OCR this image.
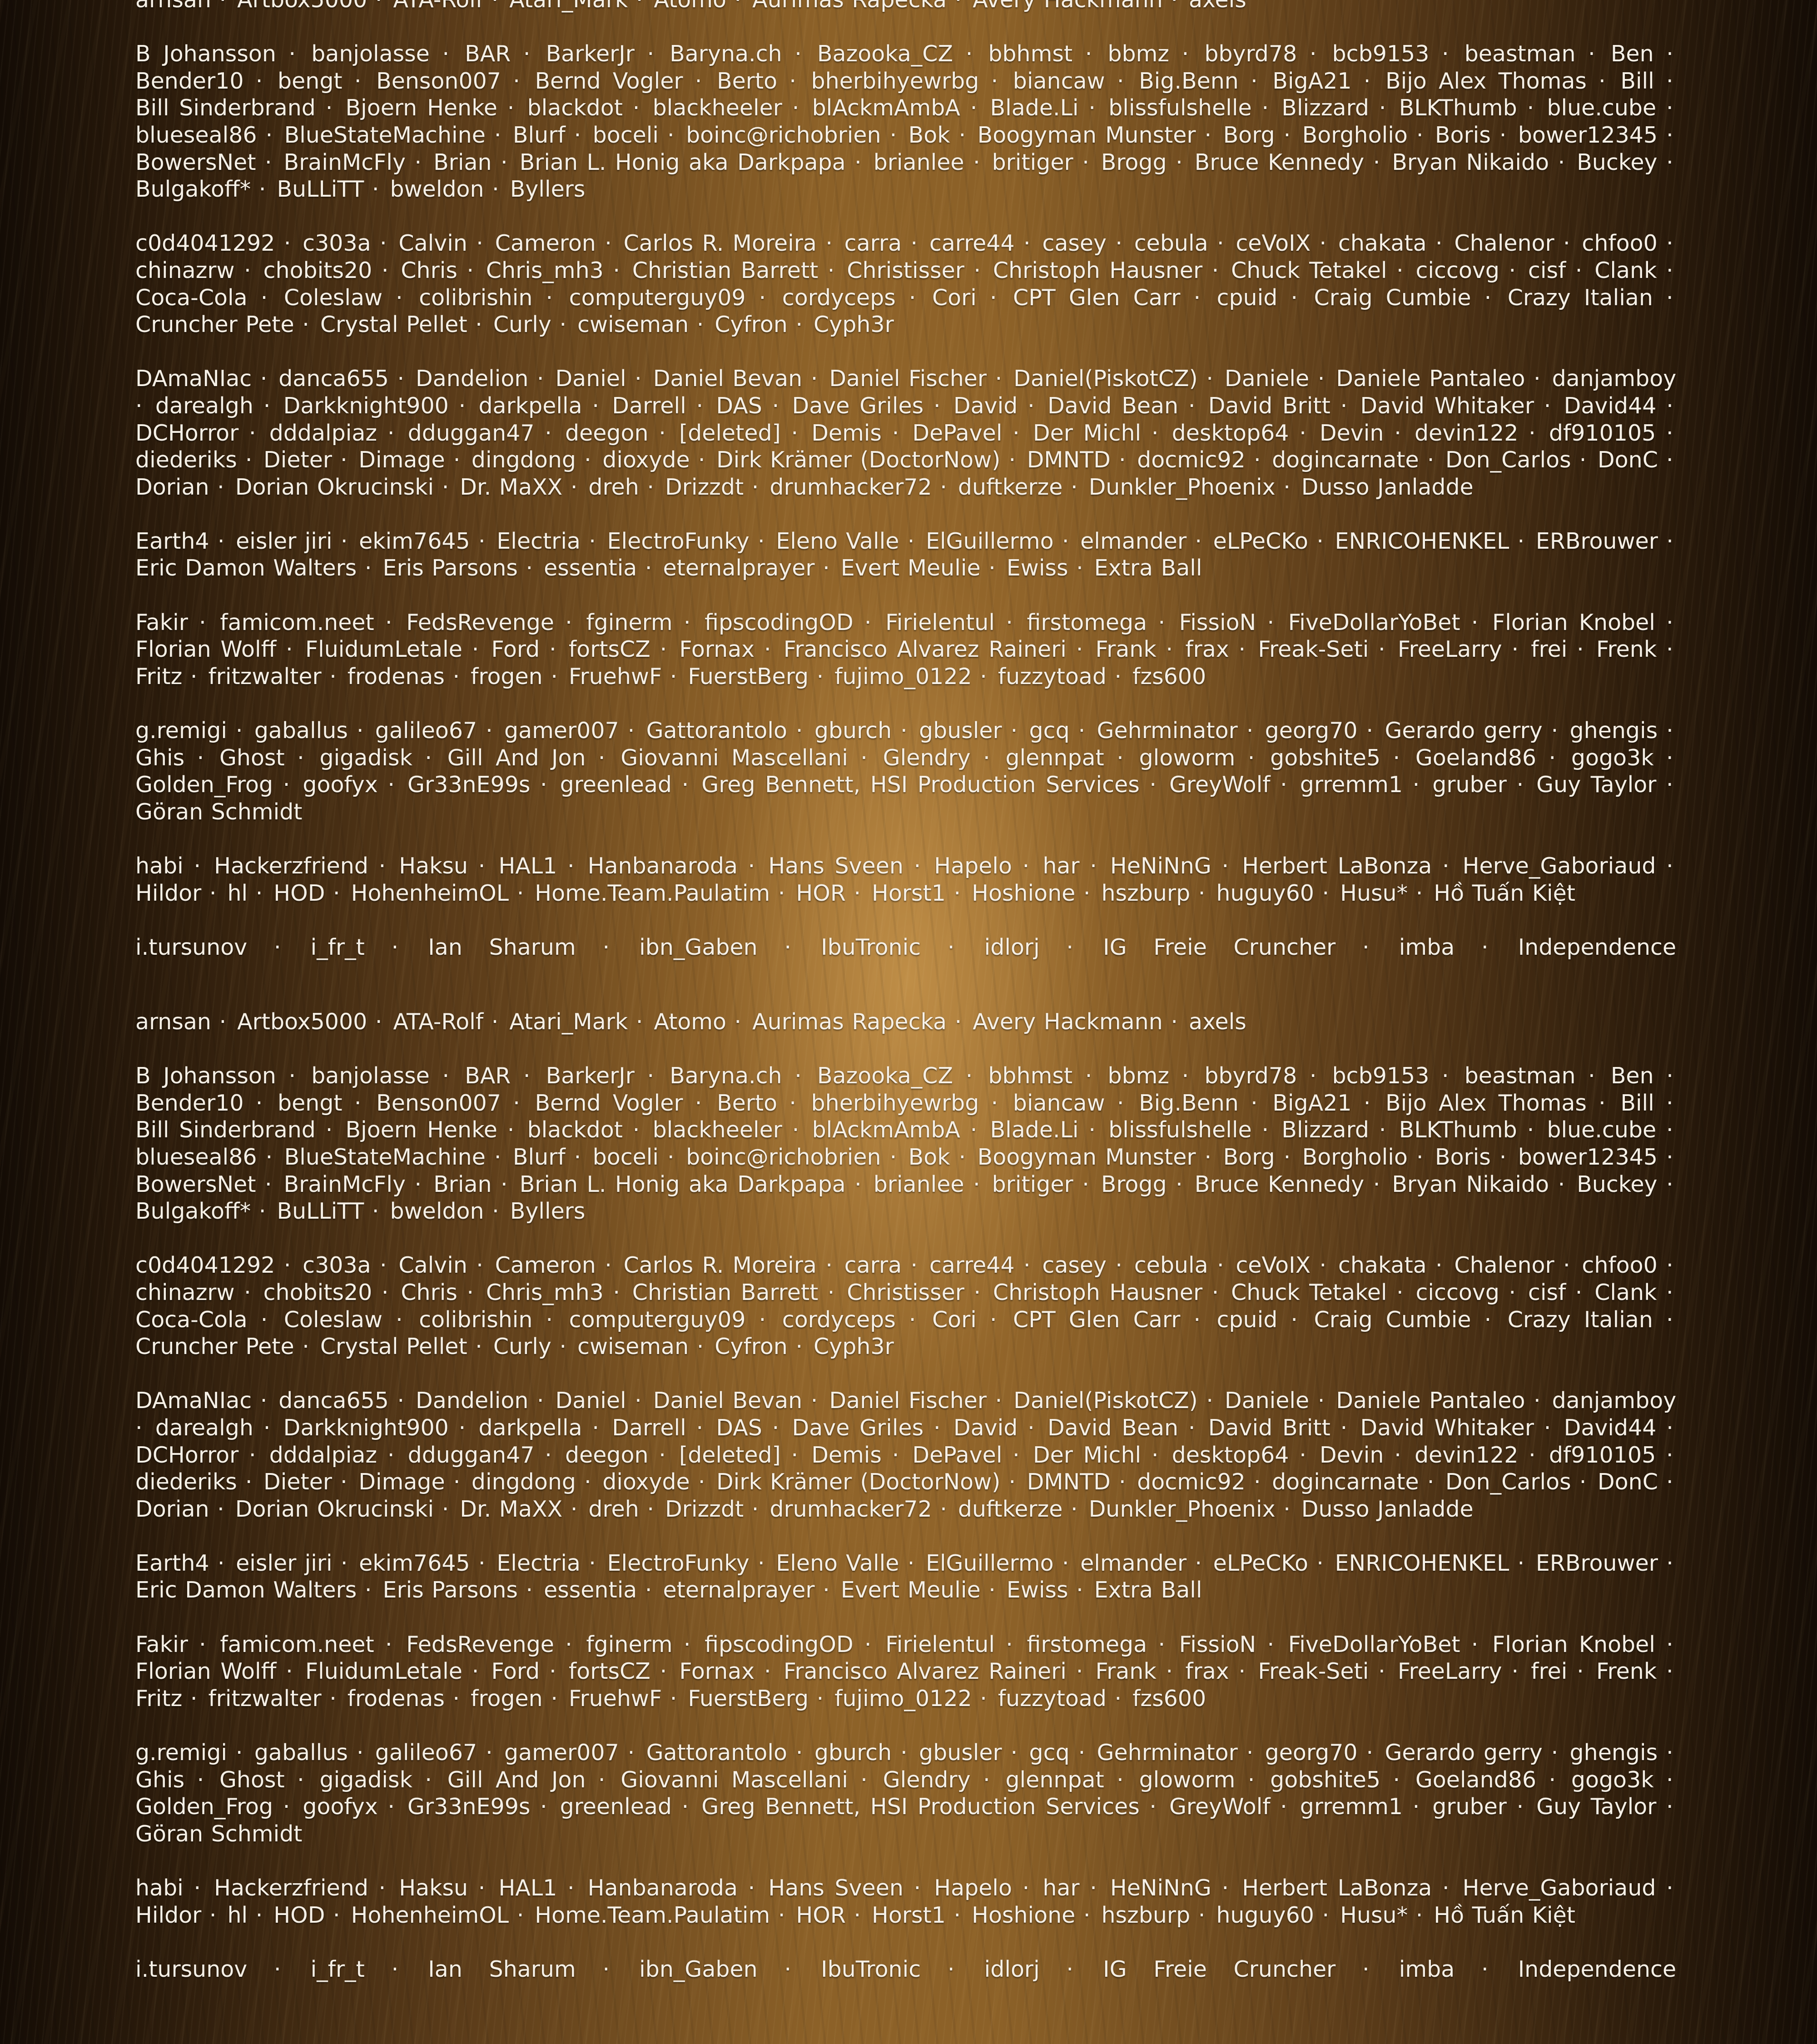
B Johansson · banjolasse · BAR · BarkerJr · Baryna.ch · Bazooka_CZ · bbhmst · bbmz · bbyrd78 · bcb9153 · beastman · Ben · Bender10 · bengt · Benson007 · Bernd Vogler · Berto · bherbihyewrbg · biancaw · Big.Benn · BigA21 · Bijo Alex Thomas · Bill · Bill Sinderbrand · Bjoern Henke · blackdot · blackheeler · blAckmAmbA · Blade.Li · blissfulshelle · Blizzard · BLKThumb · blue.cube · blueseal86 · BlueStateMachine · Blurf · boceli · boinc@richobrien · Bok · Boogyman Munster · Borg · Borgholio · Boris · bower12345 · BowersNet · BrainMcFly · Brian · Brian L. Honig aka Darkpapa · brianlee · britiger · Brogg · Bruce Kennedy · Bryan Nikaido · Buckey · Bulgakoff* · BuLLiTT · bweldon · Byllers
c0d4041292 · c303a · Calvin · Cameron · Carlos R. Moreira · carra · carre44 · casey · cebula · ceVoIX · chakata · Chalenor · chfoo0 · chinazrw · chobits20 · Chris · Chris_mh3 · Christian Barrett · Christisser · Christoph Hausner · Chuck Tetakel · ciccovg · cisf · Clank · Coca-Cola · Coleslaw · colibrishin · computerguy09 · cordyceps · Cori · CPT Glen Carr · cpuid · Craig Cumbie · Crazy Italian · Cruncher Pete · Crystal Pellet · Curly · cwiseman · Cyfron · Cyph3r
DAmaNIac · danca655 · Dandelion · Daniel · Daniel Bevan · Daniel Fischer · Daniel(PiskotCZ) · Daniele · Daniele Pantaleo · danjamboy · darealgh · Darkknight900 · darkpella · Darrell · DAS · Dave Griles · David · David Bean · David Britt · David Whitaker · David44 · DCHorror · dddalpiaz · dduggan47 · deegon · [deleted] · Demis · DePavel · Der Michl · desktop64 · Devin · devin122 · df910105 · diederiks · Dieter · Dimage · dingdong · dioxyde · Dirk Krämer (DoctorNow) · DMNTD · docmic92 · dogincarnate · Don_Carlos · DonC · Dorian · Dorian Okrucinski · Dr. MaXX · dreh · Drizzdt · drumhacker72 · duftkerze · Dunkler_Phoenix · Dusso Janladde
Earth4 · eisler jiri · ekim7645 · Electria · ElectroFunky · Eleno Valle · ElGuillermo · elmander · eLPeCKo · ENRICOHENKEL · ERBrouwer · Eric Damon Walters · Eris Parsons · essentia · eternalprayer · Evert Meulie · Ewiss · Extra Ball
Fakir · famicom.neet · FedsRevenge · fginerm · fipscodingOD · Firielentul · firstomega · FissioN · FiveDollarYoBet · Florian Knobel · Florian Wolff · FluidumLetale · Ford · fortsCZ · Fornax · Francisco Alvarez Raineri · Frank · frax · Freak-Seti · FreeLarry · frei · Frenk · Fritz · fritzwalter · frodenas · frogen · FruehwF · FuerstBerg · fujimo_0122 · fuzzytoad · fzs600
g.remigi · gaballus · galileo67 · gamer007 · Gattorantolo · gburch · gbusler · gcq · Gehrminator · georg70 · Gerardo gerry · ghengis · Ghis · Ghost · gigadisk · Gill And Jon · Giovanni Mascellani · Glendry · glennpat · gloworm · gobshite5 · Goeland86 · gogo3k · Golden_Frog · goofyx · Gr33nE99s · greenlead · Greg Bennett, HSI Production Services · GreyWolf · grremm1 · gruber · Guy Taylor · Göran Schmidt
habi · Hackerzfriend · Haksu · HAL1 · Hanbanaroda · Hans Sveen · Hapelo · har · HeNiNnG · Herbert LaBonza · Herve_Gaboriaud · Hildor · hl · HOD · HohenheimOL · Home.Team.Paulatim · HOR · Horst1 · Hoshione · hszburp · huguy60 · Husu* · Hồ Tuấn Kiệt
i.tursunov · i_fr_t · Ian Sharum · ibn_Gaben · IbuTronic · idlorj · IG Freie Cruncher · imba · Independence
arnsan · Artbox5000 · ATA-Rolf · Atari_Mark · Atomo · Aurimas Rapecka · Avery Hackmann · axels
B Johansson · banjolasse · BAR · BarkerJr · Baryna.ch · Bazooka_CZ · bbhmst · bbmz · bbyrd78 · bcb9153 · beastman · Ben · Bender10 · bengt · Benson007 · Bernd Vogler · Berto · bherbihyewrbg · biancaw · Big.Benn · BigA21 · Bijo Alex Thomas · Bill · Bill Sinderbrand · Bjoern Henke · blackdot · blackheeler · blAckmAmbA · Blade.Li · blissfulshelle · Blizzard · BLKThumb · blue.cube · blueseal86 · BlueStateMachine · Blurf · boceli · boinc@richobrien · Bok · Boogyman Munster · Borg · Borgholio · Boris · bower12345 · BowersNet · BrainMcFly · Brian · Brian L. Honig aka Darkpapa · brianlee · britiger · Brogg · Bruce Kennedy · Bryan Nikaido · Buckey · Bulgakoff* · BuLLiTT · bweldon · Byllers
c0d4041292 · c303a · Calvin · Cameron · Carlos R. Moreira · carra · carre44 · casey · cebula · ceVoIX · chakata · Chalenor · chfoo0 · chinazrw · chobits20 · Chris · Chris_mh3 · Christian Barrett · Christisser · Christoph Hausner · Chuck Tetakel · ciccovg · cisf · Clank · Coca-Cola · Coleslaw · colibrishin · computerguy09 · cordyceps · Cori · CPT Glen Carr · cpuid · Craig Cumbie · Crazy Italian · Cruncher Pete · Crystal Pellet · Curly · cwiseman · Cyfron · Cyph3r
DAmaNIac · danca655 · Dandelion · Daniel · Daniel Bevan · Daniel Fischer · Daniel(PiskotCZ) · Daniele · Daniele Pantaleo · danjamboy · darealgh · Darkknight900 · darkpella · Darrell · DAS · Dave Griles · David · David Bean · David Britt · David Whitaker · David44 · DCHorror · dddalpiaz · dduggan47 · deegon · [deleted] · Demis · DePavel · Der Michl · desktop64 · Devin · devin122 · df910105 · diederiks · Dieter · Dimage · dingdong · dioxyde · Dirk Krämer (DoctorNow) · DMNTD · docmic92 · dogincarnate · Don_Carlos · DonC · Dorian · Dorian Okrucinski · Dr. MaXX · dreh · Drizzdt · drumhacker72 · duftkerze · Dunkler_Phoenix · Dusso Janladde
Earth4 · eisler jiri · ekim7645 · Electria · ElectroFunky · Eleno Valle · ElGuillermo · elmander · eLPeCKo · ENRICOHENKEL · ERBrouwer · Eric Damon Walters · Eris Parsons · essentia · eternalprayer · Evert Meulie · Ewiss · Extra Ball
Fakir · famicom.neet · FedsRevenge · fginerm · fipscodingOD · Firielentul · firstomega · FissioN · FiveDollarYoBet · Florian Knobel · Florian Wolff · FluidumLetale · Ford · fortsCZ · Fornax · Francisco Alvarez Raineri · Frank · frax · Freak-Seti · FreeLarry · frei · Frenk · Fritz · fritzwalter · frodenas · frogen · FruehwF · FuerstBerg · fujimo_0122 · fuzzytoad · fzs600
g.remigi · gaballus · galileo67 · gamer007 · Gattorantolo · gburch · gbusler · gcq · Gehrminator · georg70 · Gerardo gerry · ghengis · Ghis · Ghost · gigadisk · Gill And Jon · Giovanni Mascellani · Glendry · glennpat · gloworm · gobshite5 · Goeland86 · gogo3k · Golden_Frog · goofyx · Gr33nE99s · greenlead · Greg Bennett, HSI Production Services · GreyWolf · grremm1 · gruber · Guy Taylor · Göran Schmidt
habi · Hackerzfriend · Haksu · HAL1 · Hanbanaroda · Hans Sveen · Hapelo · har · HeNiNnG · Herbert LaBonza · Herve_Gaboriaud · Hildor · hl · HOD · HohenheimOL · Home.Team.Paulatim · HOR · Horst1 · Hoshione · hszburp · huguy60 · Husu* · Hồ Tuấn Kiệt
i.tursunov · i_fr_t · Ian Sharum · ibn_Gaben · IbuTronic · idlorj · IG Freie Cruncher · imba · Independence
